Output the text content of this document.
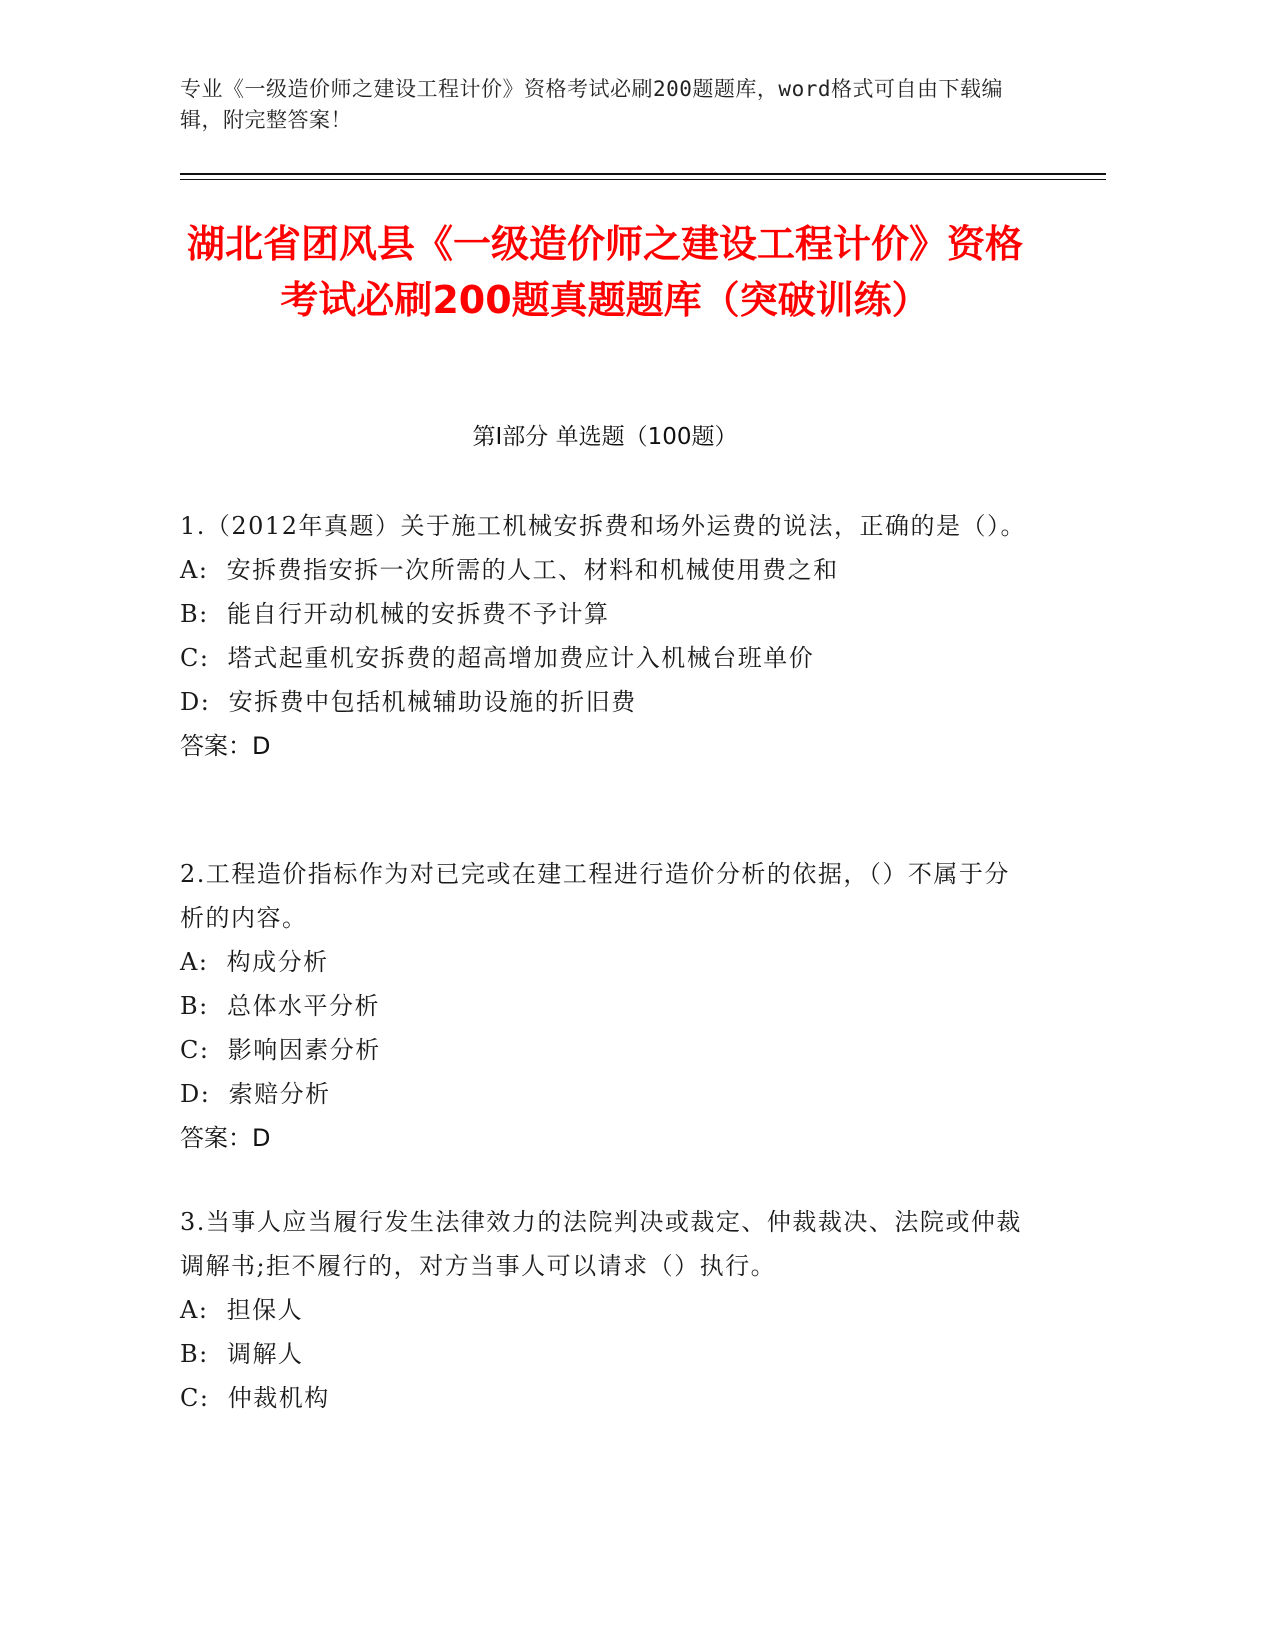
专业《一级造价师之建设工程计价》资格考试必刷200题题库，word格式可自由下载编辑，附完整答案！
湖北省团风县《一级造价师之建设工程计价》资格考试必刷200题真题题库（突破训练）
第Ⅰ部分 单选题（100题）
1.（2012年真题）关于施工机械安拆费和场外运费的说法，正确的是（）。
A:  安拆费指安拆一次所需的人工、材料和机械使用费之和
B:  能自行开动机械的安拆费不予计算
C:  塔式起重机安拆费的超高增加费应计入机械台班单价
D:  安拆费中包括机械辅助设施的折旧费
答案：D
2.工程造价指标作为对已完或在建工程进行造价分析的依据，（）不属于分析的内容。
A:  构成分析
B:  总体水平分析
C:  影响因素分析
D:  索赔分析
答案：D
3.当事人应当履行发生法律效力的法院判决或裁定、仲裁裁决、法院或仲裁调解书;拒不履行的，对方当事人可以请求（）执行。
A:  担保人
B:  调解人
C:  仲裁机构
